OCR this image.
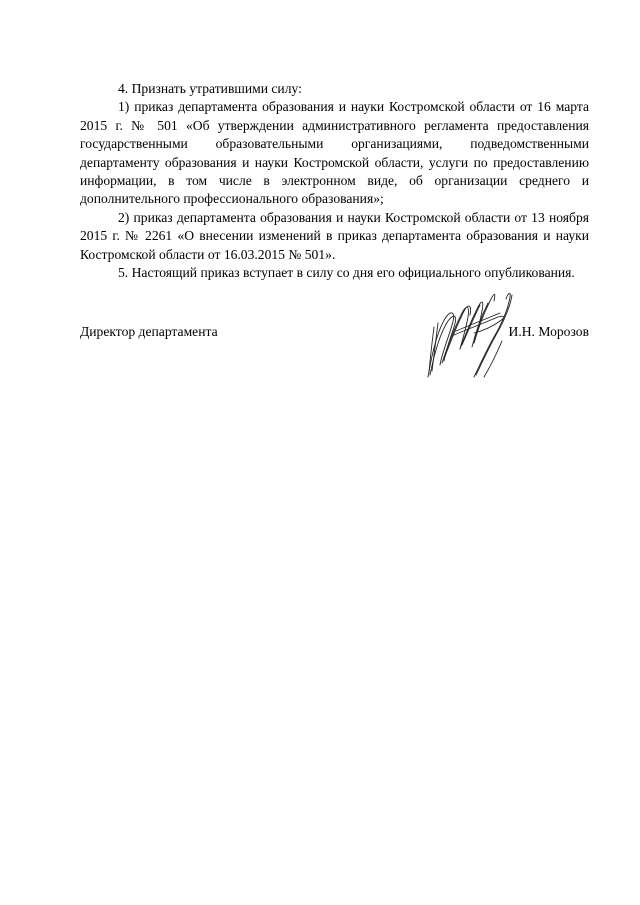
4. Признать утратившими силу:

1) приказ департамента образования и науки Костромской области от 16 марта 2015 г. № 501 «Об утверждении административного регламента предоставления государственными образовательными организациями, подведомственными департаменту образования и науки Костромской области, услуги по предоставлению информации, в том числе в электронном виде, об организации среднего и дополнительного профессионального образования»;

2) приказ департамента образования и науки Костромской области от 13 ноября 2015 г. № 2261 «О внесении изменений в приказ департамента образования и науки Костромской области от 16.03.2015 № 501».

5. Настоящий приказ вступает в силу со дня его официального опубликования.

Директор департамента	И.Н. Морозов
